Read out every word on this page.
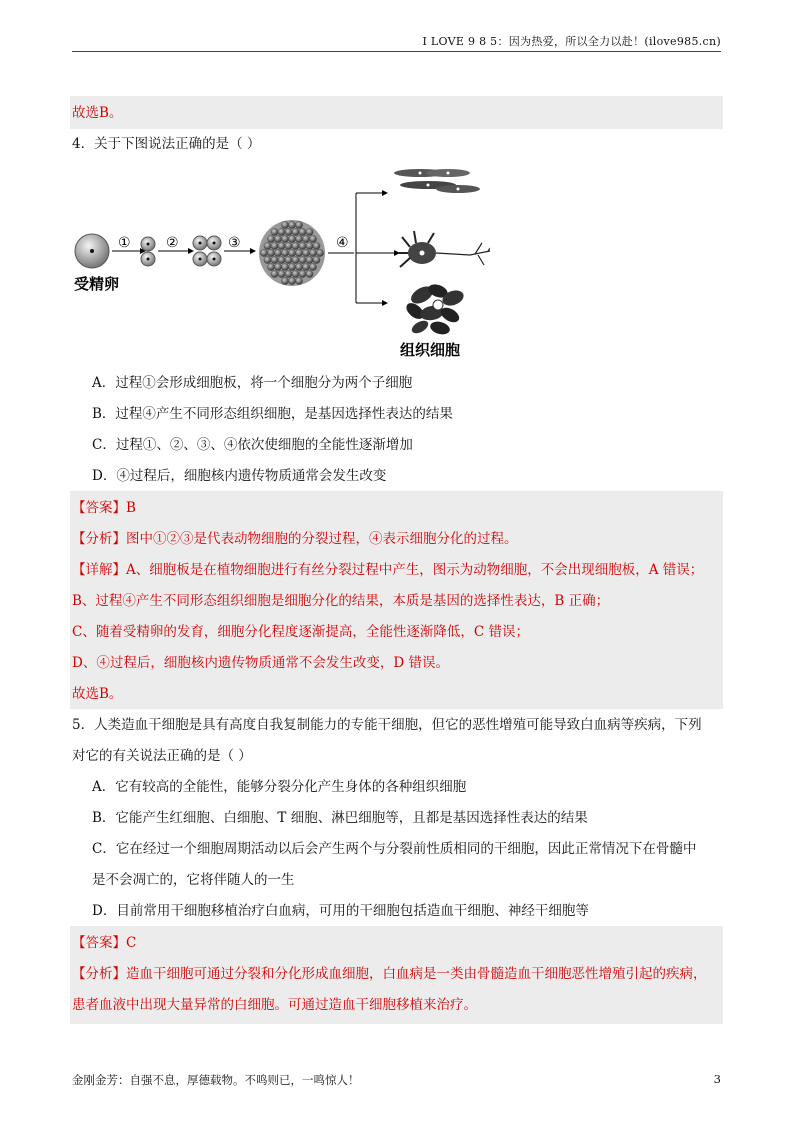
I LOVE 9 8 5：因为热爱，所以全力以赴！(ilove985.cn)
故选B。
4．关于下图说法正确的是（ ）
①	②	③	④
受精卵
组织细胞
A．过程①会形成细胞板，将一个细胞分为两个子细胞
B．过程④产生不同形态组织细胞，是基因选择性表达的结果
C．过程①、②、③、④依次使细胞的全能性逐渐增加
D．④过程后，细胞核内遗传物质通常会发生改变
【答案】B
【分析】图中①②③是代表动物细胞的分裂过程，④表示细胞分化的过程。
【详解】A、细胞板是在植物细胞进行有丝分裂过程中产生，图示为动物细胞，不会出现细胞板，A 错误；
B、过程④产生不同形态组织细胞是细胞分化的结果，本质是基因的选择性表达，B 正确；
C、随着受精卵的发育，细胞分化程度逐渐提高，全能性逐渐降低，C 错误；
D、④过程后，细胞核内遗传物质通常不会发生改变，D 错误。
故选B。
5．人类造血干细胞是具有高度自我复制能力的专能干细胞，但它的恶性增殖可能导致白血病等疾病，下列
对它的有关说法正确的是（ ）
A．它有较高的全能性，能够分裂分化产生身体的各种组织细胞
B．它能产生红细胞、白细胞、T 细胞、淋巴细胞等，且都是基因选择性表达的结果
C．它在经过一个细胞周期活动以后会产生两个与分裂前性质相同的干细胞，因此正常情况下在骨髓中
是不会凋亡的，它将伴随人的一生
D．目前常用干细胞移植治疗白血病，可用的干细胞包括造血干细胞、神经干细胞等
【答案】C
【分析】造血干细胞可通过分裂和分化形成血细胞，白血病是一类由骨髓造血干细胞恶性增殖引起的疾病，
患者血液中出现大量异常的白细胞。可通过造血干细胞移植来治疗。
金刚金芳：自强不息，厚德载物。不鸣则已，一鸣惊人！	3
